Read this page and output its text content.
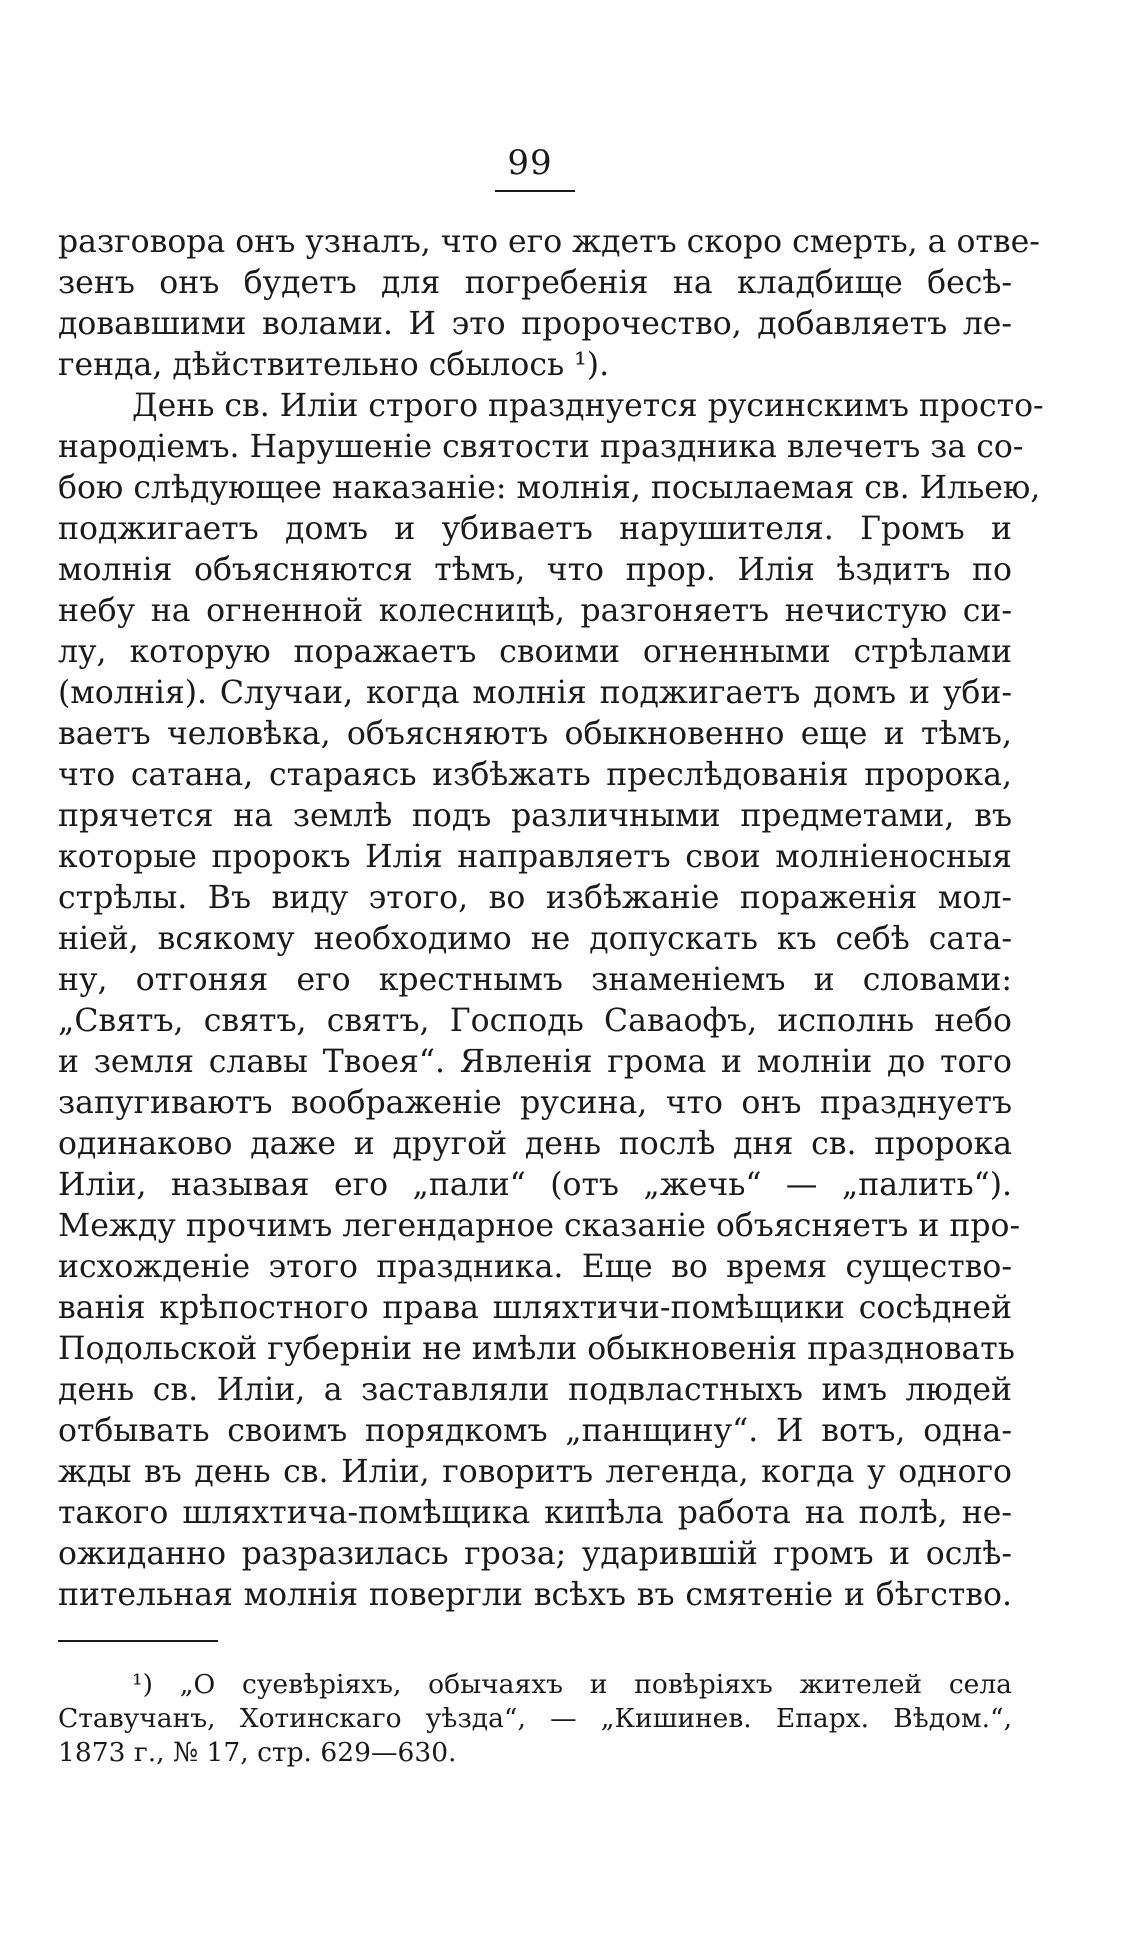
99
разговора онъ узналъ, что его ждетъ скоро смерть, а отве-
зенъ онъ будетъ для погребенія на кладбище бесѣ-
довавшими волами. И это пророчество, добавляетъ ле-
генда, дѣйствительно сбылось ¹).
День св. Иліи строго празднуется русинскимъ просто-
народіемъ. Нарушеніе святости праздника влечетъ за со-
бою слѣдующее наказаніе: молнія, посылаемая св. Ильею,
поджигаетъ домъ и убиваетъ нарушителя. Громъ и
молнія объясняются тѣмъ, что прор. Илія ѣздитъ по
небу на огненной колесницѣ, разгоняетъ нечистую си-
лу, которую поражаетъ своими огненными стрѣлами
(молнія). Случаи, когда молнія поджигаетъ домъ и уби-
ваетъ человѣка, объясняютъ обыкновенно еще и тѣмъ,
что сатана, стараясь избѣжать преслѣдованія пророка,
прячется на землѣ подъ различными предметами, въ
которые пророкъ Илія направляетъ свои молніеносныя
стрѣлы. Въ виду этого, во избѣжаніе пораженія мол-
ніей, всякому необходимо не допускать къ себѣ сата-
ну, отгоняя его крестнымъ знаменіемъ и словами:
„Святъ, святъ, святъ, Господь Саваофъ, исполнь небо
и земля славы Твоея“. Явленія грома и молніи до того
запугиваютъ воображеніе русина, что онъ празднуетъ
одинаково даже и другой день послѣ дня св. пророка
Иліи, называя его „пали“ (отъ „жечь“ — „палить“).
Между прочимъ легендарное сказаніе объясняетъ и про-
исхожденіе этого праздника. Еще во время существо-
ванія крѣпостного права шляхтичи-помѣщики сосѣдней
Подольской губерніи не имѣли обыкновенія праздновать
день св. Иліи, а заставляли подвластныхъ имъ людей
отбывать своимъ порядкомъ „панщину“. И вотъ, одна-
жды въ день св. Иліи, говоритъ легенда, когда у одного
такого шляхтича-помѣщика кипѣла работа на полѣ, не-
ожиданно разразилась гроза; ударившій громъ и ослѣ-
пительная молнія повергли всѣхъ въ смятеніе и бѣгство.
¹) „О суевѣріяхъ, обычаяхъ и повѣріяхъ жителей села
Ставучанъ, Хотинскаго уѣзда“, — „Кишинев. Епарх. Вѣдом.“,
1873 г., № 17, стр. 629—630.
